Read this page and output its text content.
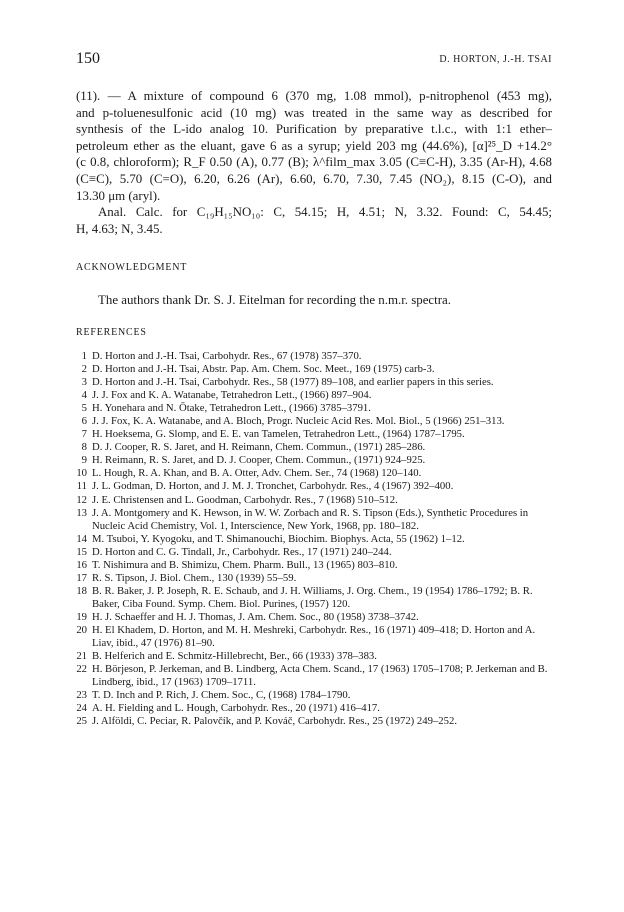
150	D. HORTON, J.-H. TSAI
(11). — A mixture of compound 6 (370 mg, 1.08 mmol), p-nitrophenol (453 mg),
and p-toluenesulfonic acid (10 mg) was treated in the same way as described for
synthesis of the L-ido analog 10. Purification by preparative t.l.c., with 1:1 ether–
petroleum ether as the eluant, gave 6 as a syrup; yield 203 mg (44.6%), [α]²⁵_D +14.2°
(c 0.8, chloroform); R_F 0.50 (A), 0.77 (B); λ^film_max 3.05 (C≡C-H), 3.35 (Ar-H), 4.68
(C≡C), 5.70 (C=O), 6.20, 6.26 (Ar), 6.60, 6.70, 7.30, 7.45 (NO₂), 8.15 (C-O), and
13.30 μm (aryl).
Anal. Calc. for C₁₉H₁₅NO₁₀: C, 54.15; H, 4.51; N, 3.32. Found: C, 54.45;
H, 4.63; N, 3.45.
ACKNOWLEDGMENT
The authors thank Dr. S. J. Eitelman for recording the n.m.r. spectra.
REFERENCES
1 D. Horton and J.-H. Tsai, Carbohydr. Res., 67 (1978) 357–370.
2 D. Horton and J.-H. Tsai, Abstr. Pap. Am. Chem. Soc. Meet., 169 (1975) carb-3.
3 D. Horton and J.-H. Tsai, Carbohydr. Res., 58 (1977) 89–108, and earlier papers in this series.
4 J. J. Fox and K. A. Watanabe, Tetrahedron Lett., (1966) 897–904.
5 H. Yonehara and N. Ōtake, Tetrahedron Lett., (1966) 3785–3791.
6 J. J. Fox, K. A. Watanabe, and A. Bloch, Progr. Nucleic Acid Res. Mol. Biol., 5 (1966) 251–313.
7 H. Hoeksema, G. Slomp, and E. E. van Tamelen, Tetrahedron Lett., (1964) 1787–1795.
8 D. J. Cooper, R. S. Jaret, and H. Reimann, Chem. Commun., (1971) 285–286.
9 H. Reimann, R. S. Jaret, and D. J. Cooper, Chem. Commun., (1971) 924–925.
10 L. Hough, R. A. Khan, and B. A. Otter, Adv. Chem. Ser., 74 (1968) 120–140.
11 J. L. Godman, D. Horton, and J. M. J. Tronchet, Carbohydr. Res., 4 (1967) 392–400.
12 J. E. Christensen and L. Goodman, Carbohydr. Res., 7 (1968) 510–512.
13 J. A. Montgomery and K. Hewson, in W. W. Zorbach and R. S. Tipson (Eds.), Synthetic Procedures in Nucleic Acid Chemistry, Vol. 1, Interscience, New York, 1968, pp. 180–182.
14 M. Tsuboi, Y. Kyogoku, and T. Shimanouchi, Biochim. Biophys. Acta, 55 (1962) 1–12.
15 D. Horton and C. G. Tindall, Jr., Carbohydr. Res., 17 (1971) 240–244.
16 T. Nishimura and B. Shimizu, Chem. Pharm. Bull., 13 (1965) 803–810.
17 R. S. Tipson, J. Biol. Chem., 130 (1939) 55–59.
18 B. R. Baker, J. P. Joseph, R. E. Schaub, and J. H. Williams, J. Org. Chem., 19 (1954) 1786–1792; B. R. Baker, Ciba Found. Symp. Chem. Biol. Purines, (1957) 120.
19 H. J. Schaeffer and H. J. Thomas, J. Am. Chem. Soc., 80 (1958) 3738–3742.
20 H. El Khadem, D. Horton, and M. H. Meshreki, Carbohydr. Res., 16 (1971) 409–418; D. Horton and A. Liav, ibid., 47 (1976) 81–90.
21 B. Helferich and E. Schmitz-Hillebrecht, Ber., 66 (1933) 378–383.
22 H. Börjeson, P. Jerkeman, and B. Lindberg, Acta Chem. Scand., 17 (1963) 1705–1708; P. Jerkeman and B. Lindberg, ibid., 17 (1963) 1709–1711.
23 T. D. Inch and P. Rich, J. Chem. Soc., C, (1968) 1784–1790.
24 A. H. Fielding and L. Hough, Carbohydr. Res., 20 (1971) 416–417.
25 J. Alföldi, C. Peciar, R. Palovčík, and P. Kováč, Carbohydr. Res., 25 (1972) 249–252.
